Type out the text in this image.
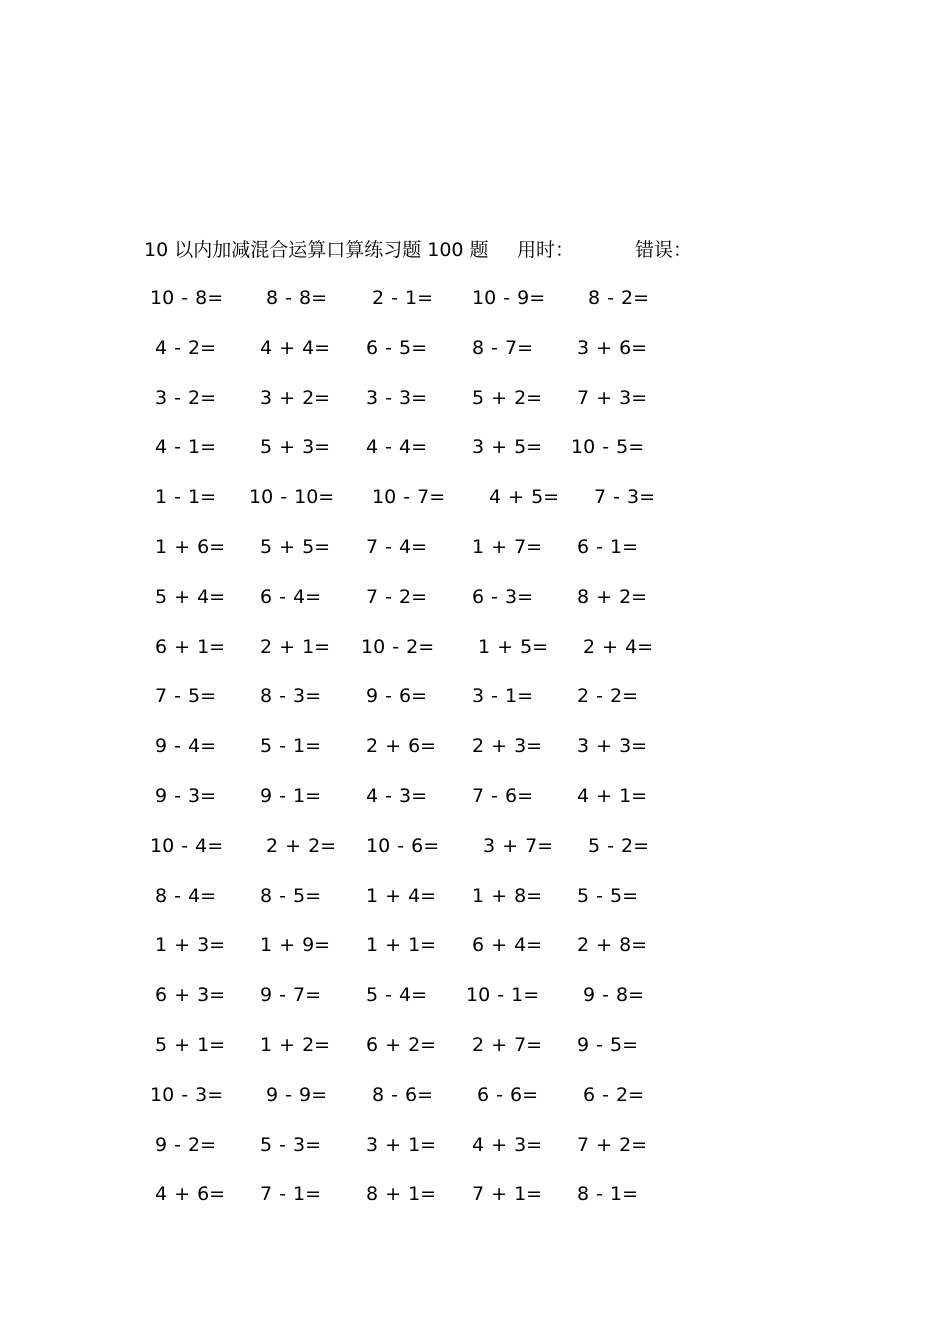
10 以内加减混合运算口算练习题 100 题 用时：	错误：
10 - 8= 8 - 8= 2 - 1= 10 - 9= 8 - 2=
4 - 2= 4 + 4= 6 - 5= 8 - 7= 3 + 6=
3 - 2= 3 + 2= 3 - 3= 5 + 2= 7 + 3=
4 - 1= 5 + 3= 4 - 4= 3 + 5= 10 - 5=
1 - 1= 10 - 10= 10 - 7= 4 + 5= 7 - 3=
1 + 6= 5 + 5= 7 - 4= 1 + 7= 6 - 1=
5 + 4= 6 - 4= 7 - 2= 6 - 3= 8 + 2=
6 + 1= 2 + 1= 10 - 2= 1 + 5= 2 + 4=
7 - 5= 8 - 3= 9 - 6= 3 - 1= 2 - 2=
9 - 4= 5 - 1= 2 + 6= 2 + 3= 3 + 3=
9 - 3= 9 - 1= 4 - 3= 7 - 6= 4 + 1=
10 - 4= 2 + 2= 10 - 6= 3 + 7= 5 - 2=
8 - 4= 8 - 5= 1 + 4= 1 + 8= 5 - 5=
1 + 3= 1 + 9= 1 + 1= 6 + 4= 2 + 8=
6 + 3= 9 - 7= 5 - 4= 10 - 1= 9 - 8=
5 + 1= 1 + 2= 6 + 2= 2 + 7= 9 - 5=
10 - 3= 9 - 9= 8 - 6= 6 - 6= 6 - 2=
9 - 2= 5 - 3= 3 + 1= 4 + 3= 7 + 2=
4 + 6= 7 - 1= 8 + 1= 7 + 1= 8 - 1=
